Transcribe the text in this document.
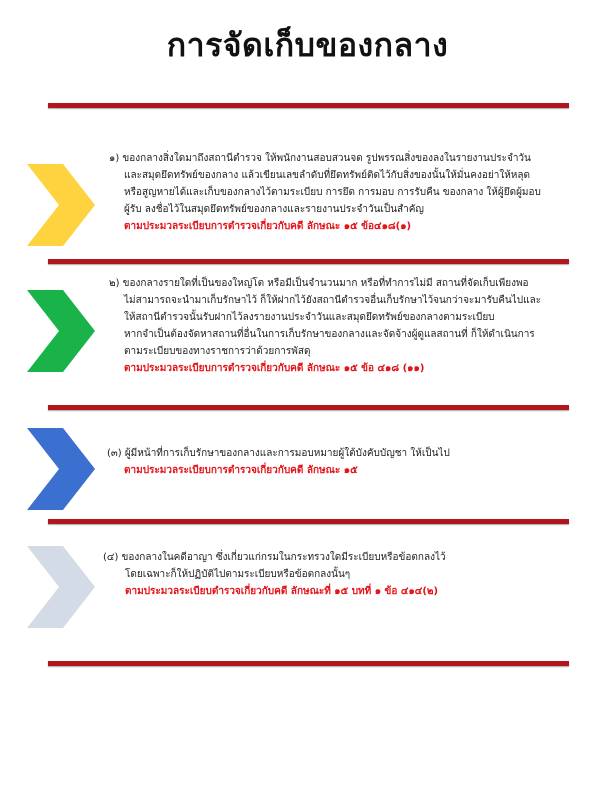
การจัดเก็บของกลาง
๑) ของกลางสิ่งใดมาถึงสถานีตำรวจ ให้พนักงานสอบสวนจด รูปพรรณสิ่งของลงในรายงานประจำวัน
และสมุดยึดทรัพย์ของกลาง แล้วเขียนเลขลำดับที่ยึดทรัพย์ติดไว้กับสิ่งของนั้นให้มั่นคงอย่าให้หลุด
หรือสูญหายได้และเก็บของกลางไว้ตามระเบียบ การยึด การมอบ การรับคืน ของกลาง ให้ผู้ยึดผู้มอบ
ผู้รับ ลงชื่อไว้ในสมุดยึดทรัพย์ของกลางและรายงานประจำวันเป็นสำคัญ
ตามประมวลระเบียบการตำรวจเกี่ยวกับคดี ลักษณะ ๑๕ ข้อ๔๑๘(๑)
๒) ของกลางรายใดที่เป็นของใหญ่โต หรือมีเป็นจำนวนมาก หรือที่ทำการไม่มี สถานที่จัดเก็บเพียงพอ
ไม่สามารถจะนำมาเก็บรักษาไว้ ก็ให้ฝากไว้ยังสถานีตำรวจอื่นเก็บรักษาไว้จนกว่าจะมารับคืนไปและ
ให้สถานีตำรวจนั้นรับฝากไว้ลงรายงานประจำวันและสมุดยึดทรัพย์ของกลางตามระเบียบ
หากจำเป็นต้องจัดหาสถานที่อื่นในการเก็บรักษาของกลางและจัดจ้างผู้ดูแลสถานที่ ก็ให้ดำเนินการ
ตามระเบียบของทางราชการว่าด้วยการพัสดุ
ตามประมวลระเบียบการตำรวจเกี่ยวกับคดี ลักษณะ ๑๕ ข้อ ๔๑๘ (๑๑)
(๓) ผู้มีหน้าที่การเก็บรักษาของกลางและการมอบหมายผู้ใต้บังคับบัญชา ให้เป็นไป
ตามประมวลระเบียบการตำรวจเกี่ยวกับคดี ลักษณะ ๑๕
(๔) ของกลางในคดีอาญา ซึ่งเกี่ยวแก่กรมในกระทรวงใดมีระเบียบหรือข้อตกลงไว้
โดยเฉพาะก็ให้ปฏิบัติไปตามระเบียบหรือข้อตกลงนั้นๆ
ตามประมวลระเบียบตำรวจเกี่ยวกับคดี ลักษณะที่ ๑๕ บทที่ ๑ ข้อ ๔๑๔(๒)
